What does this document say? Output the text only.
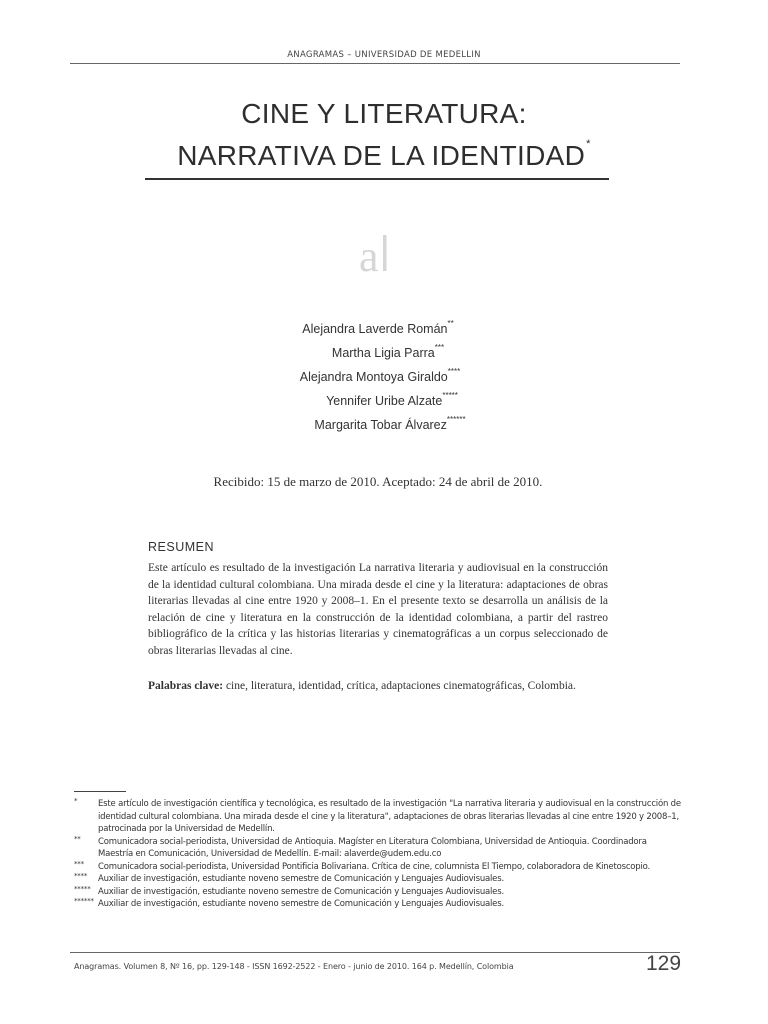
ANAGRAMAS – UNIVERSIDAD DE MEDELLIN
CINE Y LITERATURA:
NARRATIVA DE LA IDENTIDAD*
a
Alejandra Laverde Román**
Martha Ligia Parra***
Alejandra Montoya Giraldo****
Yennifer Uribe Alzate*****
Margarita Tobar Álvarez******
Recibido: 15 de marzo de 2010. Aceptado: 24 de abril de 2010.
RESUMEN
Este artículo es resultado de la investigación La narrativa literaria y audiovisual en la construcción de la identidad cultural colombiana. Una mirada desde el cine y la literatura: adaptaciones de obras literarias llevadas al cine entre 1920 y 2008–1. En el presente texto se desarrolla un análisis de la relación de cine y literatura en la construcción de la identidad colombiana, a partir del rastreo bibliográfico de la crítica y las historias literarias y cinematográficas a un corpus seleccionado de obras literarias llevadas al cine.
Palabras clave: cine, literatura, identidad, crítica, adaptaciones cinematográficas, Colombia.
* Este artículo de investigación científica y tecnológica, es resultado de la investigación "La narrativa literaria y audiovisual en la construcción de identidad cultural colombiana. Una mirada desde el cine y la literatura", adaptaciones de obras literarias llevadas al cine entre 1920 y 2008–1, patrocinada por la Universidad de Medellín.
** Comunicadora social-periodista, Universidad de Antioquia. Magíster en Literatura Colombiana, Universidad de Antioquia. Coordinadora Maestría en Comunicación, Universidad de Medellín. E-mail: alaverde@udem.edu.co
*** Comunicadora social-periodista, Universidad Pontificia Bolivariana. Crítica de cine, columnista El Tiempo, colaboradora de Kinetoscopio.
**** Auxiliar de investigación, estudiante noveno semestre de Comunicación y Lenguajes Audiovisuales.
***** Auxiliar de investigación, estudiante noveno semestre de Comunicación y Lenguajes Audiovisuales.
****** Auxiliar de investigación, estudiante noveno semestre de Comunicación y Lenguajes Audiovisuales.
Anagramas. Volumen 8, Nº 16, pp. 129-148 - ISSN 1692-2522 - Enero - junio de 2010. 164 p. Medellín, Colombia	129
